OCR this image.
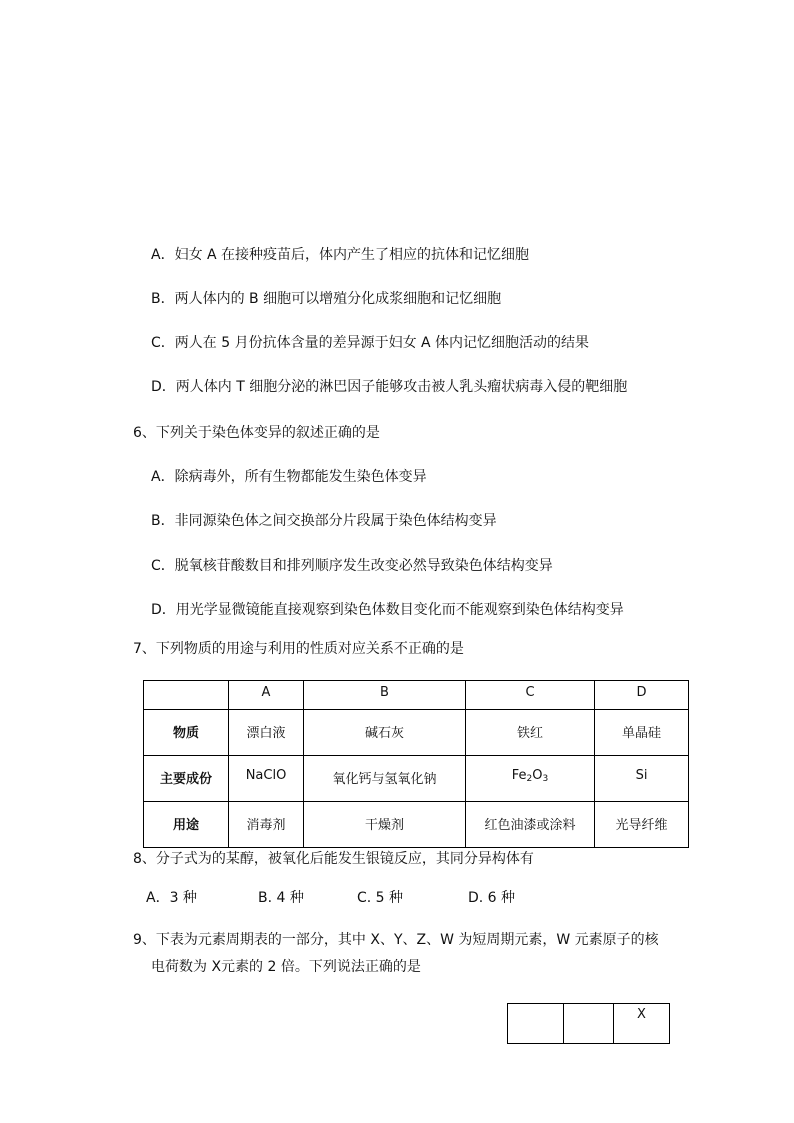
A．妇女 A 在接种疫苗后，体内产生了相应的抗体和记忆细胞
B．两人体内的 B 细胞可以增殖分化成浆细胞和记忆细胞
C．两人在 5 月份抗体含量的差异源于妇女 A 体内记忆细胞活动的结果
D．两人体内 T 细胞分泌的淋巴因子能够攻击被人乳头瘤状病毒入侵的靶细胞
6、下列关于染色体变异的叙述正确的是
A．除病毒外，所有生物都能发生染色体变异
B．非同源染色体之间交换部分片段属于染色体结构变异
C．脱氧核苷酸数目和排列顺序发生改变必然导致染色体结构变异
D．用光学显微镜能直接观察到染色体数目变化而不能观察到染色体结构变异
7、下列物质的用途与利用的性质对应关系不正确的是
	A	B	C	D
物质	漂白液	碱石灰	铁红	单晶硅
主要成份	NaClO	氧化钙与氢氧化钠	$Fe_2O_3$	Si
用途	消毒剂	干燥剂	红色油漆或涂料	光导纤维
8、分子式为的某醇，被氧化后能发生银镜反应，其同分异构体有
A．3 种	B. 4 种	C. 5 种	D. 6 种
9、下表为元素周期表的一部分，其中 X、Y、Z、W 为短周期元素，W 元素原子的核
电荷数为 X元素的 2 倍。下列说法正确的是
		X
